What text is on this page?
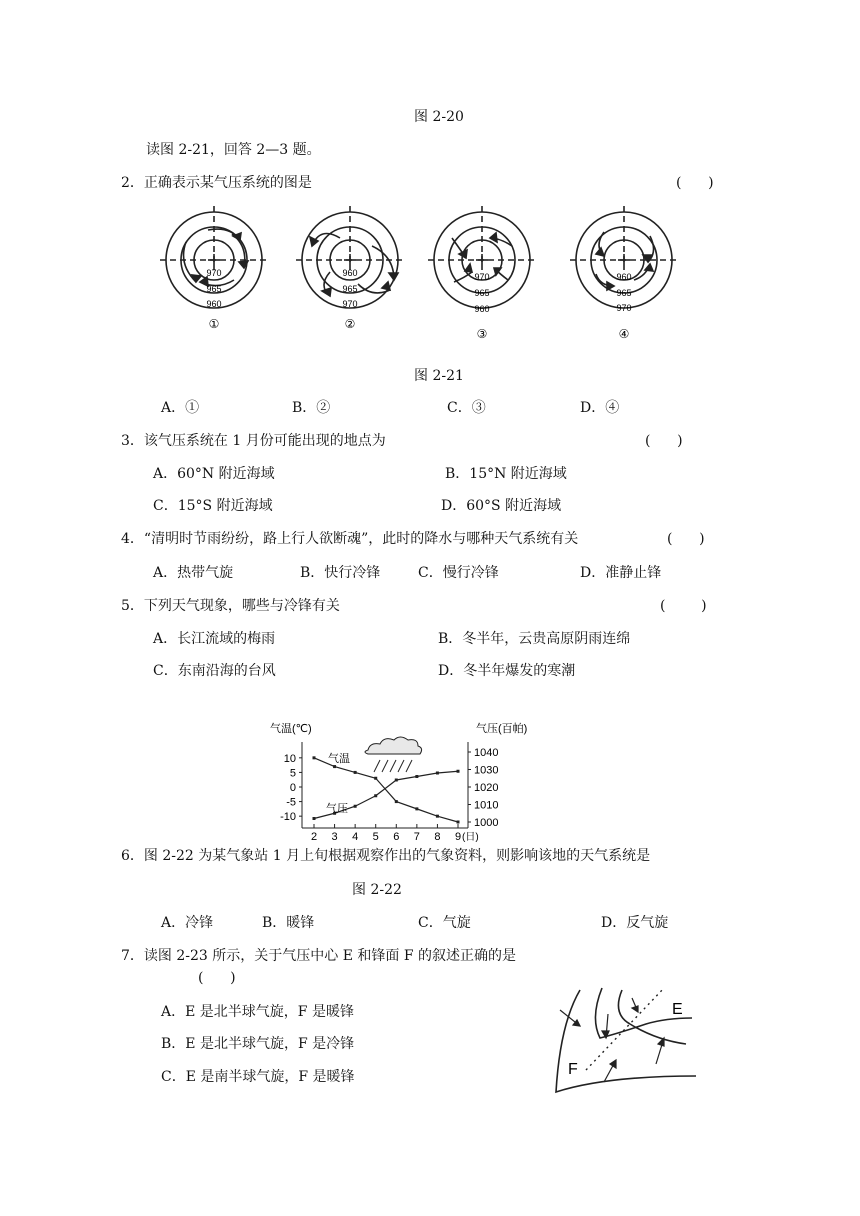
图 2-20
读图 2-21，回答 2—3 题。
2．正确表示某气压系统的图是	(      )
970
965
960
960
965
970
970
965
960
960
965
970
①	②
③	④
图 2-21
A．①	B．②	C．③	D．④
3．该气压系统在 1 月份可能出现的地点为	(      )
A．60°N 附近海域	B．15°N 附近海域
C．15°S 附近海域	D．60°S 附近海域
4．“清明时节雨纷纷，路上行人欲断魂”，此时的降水与哪种天气系统有关	(      )
A．热带气旋	B．快行冷锋	C．慢行冷锋	D．准静止锋
5．下列天气现象，哪些与冷锋有关	(        )
A．长江流域的梅雨	B．冬半年，云贵高原阴雨连绵
C．东南沿海的台风	D．冬半年爆发的寒潮
气温(℃)	气压(百帕)
10
5
0
-5
-10
1040
1030
1020
1010
1000
2 3 4 5 6 7 8 9 (日)
气温
气压
6．图 2-22 为某气象站 1 月上旬根据观察作出的气象资料，则影响该地的天气系统是
图 2-22
A．冷锋	B．暖锋	C．气旋	D．反气旋
7．读图 2-23 所示，关于气压中心 E 和锋面 F 的叙述正确的是
(      )
A．E 是北半球气旋，F 是暖锋
B．E 是北半球气旋，F 是冷锋
C．E 是南半球气旋，F 是暖锋
E
F
